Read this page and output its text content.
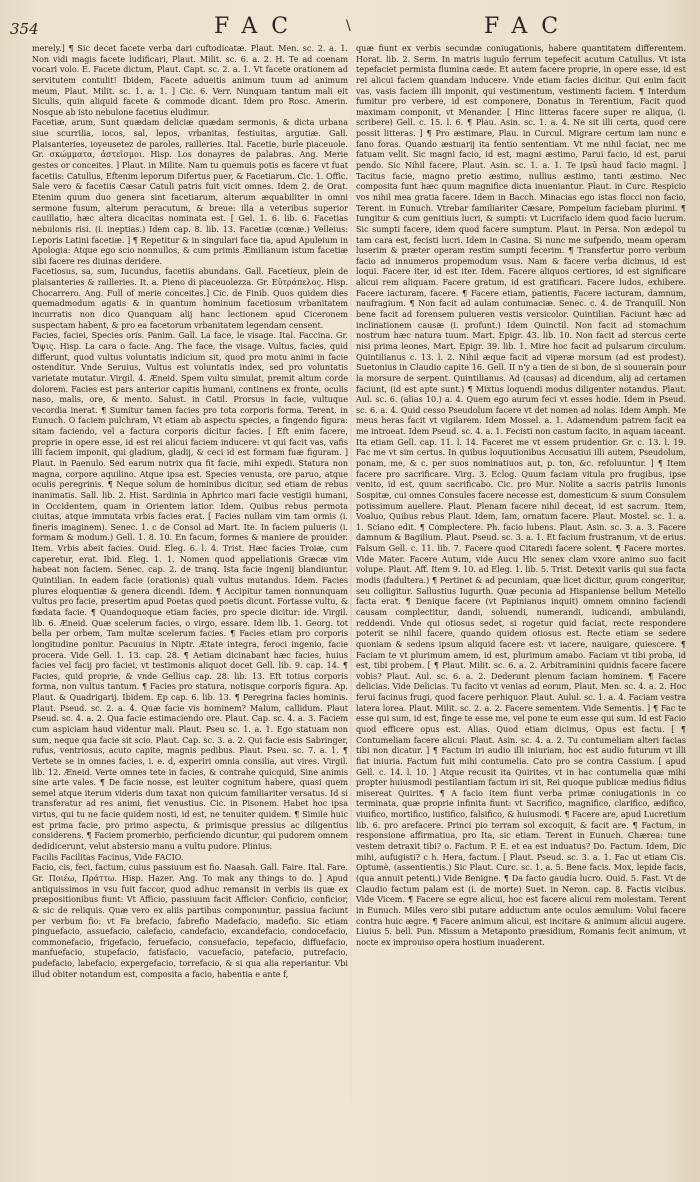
354	FAC	\	FAC

merely.] ¶ Sic decet facete verba dari cuftodicatæ. Plaut. Men. sc. 2. a. 1. Non vidi magis facete ludificari, Plaut. Milit. sc. 6. a. 2. H. Te ad coenam vocari volo. E. Facete dictum, Plaut. Capt. sc. 2. a. 1. Vt facete orationem ad servitutem contulit! Ibidem, Facete adueitis animum tuum ad animum meum, Plaut. Milit. sc. 1. a. 1. ] Cic. 6. Verr. Nunquam tantum mali eit Siculis, quin aliquid facete & commode dicant. Idem pro Rosc. Amerin. Nosque ab isto nebulone facetius eludimur.

Facetiæ, arum, Sunt quædam deliciæ quædam sermonis, & dicta urbana siue scurrilia, iocos, sal, lepos, vrbanitas, festiuitas, argutiæ. Gall. Plaisanteries, ioyeusetez de paroles, railleries. Ital. Facetie, burle piaceuole. Gr. σκώμματα, ἀστεῖσμοι. Hisp. Los donayres de palabras. Ang. Merie gestes or conceites. ] Plaut. in Milite. Nam tu quemuis potis es facere vt fuat facetiis: Catullus, Eftenim leporum Difertus puer, & Facetiarum. Cic. 1. Offic. Sale vero & facetiis Cæsar Catuli patris fuit vicit omnes. Idem 2. de Orat. Etenim quum duo genera sint facetiarum, alterum æquabiliter in omni sermone fusum, alterum peracutum, & breue: illa a veteribus superior cauillatio, hæc altera dicacitas nominata est. [ Gel. 1. 6. lib. 6. Facetias nebulonis risi. (i. ineptias.) Idem cap. 8. lib. 13. Facetiæ (cœnæ.) Velleius: Leporis Latini facetiæ. ] ¶ Repetitur & in singulari face tia, apud Apuleium in Apologia: Atque ego scio nonnullos, & cum primis Æmilianum istum facetiæ sibi facere res diuinas deridere.

Facetiosus, sa, sum, Iucundus, facetiis abundans. Gall. Facetieux, plein de plaisanteries & railleries. It. a. Pieno di piaceuolezza. Gr. Εὐτράπελος. Hisp. Chocarrero. Ang. Full of merie conceites.] Cic. de Finib. Quos quidem dies quemadmodum agatis & in quantum hominum facetiosum vrbanitatem incurratis non dico Quanquam alij hanc lectionem apud Ciceronem suspectam habent, & pro ea facetorum vrbanitatem legendam censent.

Facies, faciei, Species oris. Panim. Gall. La face, le visage. Ital. Faccina. Gr. Ὄψις. Hisp. La cara o facie. Ang. The face, the visage. Vultus, facies, quid differunt, quod vultus voluntatis indicium sit, quod pro motu animi in facie ostenditur. Vnde Seruius, Vultus est voluntatis index, sed pro voluntatis varietate mutatur. Virgil. 4. Æneid. Spem vultu simulat, premit altum corde dolorem. Facies est pars anterior capitis humani, continens ex fronte, oculis naso, malis, ore, & mento. Salust. in Catil. Prorsus in facie, vultuque vecordia inerat. ¶ Sumitur tamen facies pro tota corporis forma. Terent. in Eunuch. O faciem pulchram, Vt etiam ab aspectu species, a fingendo figura: sitam faciendo, vel a factura corporis dicitur facies. [ Eft enim facere, proprie in opere esse, id est rei alicui faciem inducere: vt qui facit vas, vafis illi faciem imponit, qui gladium, gladij, & ceci id est formam fuæ figuram. ] Plaut. in Paenulo. Sed earum nutrix qua fit facie, mihi expedi. Statura non magna, corpore aquilino. Atque ipsa est. Species venusta, ore paruo, atque oculis peregrinis. ¶ Neque solum de hominibus dicitur, sed etiam de rebus inanimatis. Sall. lib. 2. Hist. Sardinia in Aphrico mari facie vestigii humani, in Occidentem, quam in Orientem latior. Idem. Quibus rebus permota ciuitas, atque immutata vrbis facies erat. [ Facies nullam vim tam ormis (i. fineris imaginem). Senec. 1. c de Consol ad Mart. Ite. In faciem pulueris (i. formam & modum.) Gell. 1. 8. 10. En facum, formes & maniere de prouider. Item. Vrbis abeit facies. Ouid. Eleg. 6. l. 4. Trist. Hæc facies Troiæ, cum caperetur, erat. Ibid. Eleg. 1. 1. Nomen quod appellationis Græcæ vim habeat non faciem. Senec. cap. 2. de tranq. Ista facie ingenij blandiuntur. Quintilian. In eadem facie (orationis) quali vultus mutandus. Idem. Facies plures eloquentiæ & genera dicendi. Idem. ¶ Accipitur tamen nonnunquam vultus pro facie, presertim apud Poetas quod poetis dicunt. Fortasse vultu, & fœdata facie. ¶ Quandoquoque etiam facies, pro specie dicitur: ide. Virgil. lib. 6. Æneid. Quæ scelerum facies, o virgo, essare. Idem lib. 1. Georg. tot bella per orbem, Tam multæ scelerum facies. ¶ Facies etiam pro corporis longitudine ponitur. Pacuuius in Niptr. Ætate integra, feroci ingenio, facie procera. Vide Gell. 1. 13. cap. 28. ¶ Aetiam dicinabant hæc facies, huius facies vel facij pro faciei, vt testimonis aliquot docet Gell. lib. 9. cap. 14. ¶ Facies, quid proprie, & vnde Gellius cap. 28. lib. 13. Eft totius corporis forma, non vultus tantum. ¶ Facies pro statura, notisque corporis figura. Ap. Plaut. & Quadrigarij. Ibidem. Ep cap. 6. lib. 13. ¶ Peregrina facies hominis. Plaut. Pseud. sc. 2. a. 4. Quæ facie vis hominem? Malum, callidum. Plaut Pseud. sc. 4. a. 2. Qua facie estimaciendo ore. Plaut. Cap. sc. 4. a. 3. Faciem cum aspiciam haud videntur mali. Plaut. Pseu sc. 1. a. 1. Ego statuam non sum, neque qua facie sit scio. Plaut. Cap. sc. 3. a. 2. Qui facie esis Sabringer, rufus, ventriosus, acuto capite, magnis pedibus. Plaut. Pseu. sc. 7. a. 1. ¶ Vertete se in omnes facies, i. e. d, experiri omnia consilia, aut vires. Virgil. lib. 12. Æneid. Verte omnes tete in facies, & contrahe quicquid, Sine animis sine arte vales. ¶ De facie nosse, est leuiter cognitum habere, quasi quem semel atque iterum videris dum taxat non quicum familiariter versatus. Id si transferatur ad res animi, fiet venustius. Cic. in Pisonem. Habet hoc ipsa virtus, qui tu ne facie quidem nosti, id est, ne tenuiter quidem. ¶ Simile huic est prima facie, pro primo aspectu, & primisque pressius ac diligentius considerens. ¶ Faciem promerbio, perficiendo dicuntur, qui pudorem omnem dedidicerunt, velut abstersio manu a vultu pudore. Plinius.

Facilis Facilitas Facinus, Vide FACIO.

Facio, cis, feci, factum, cuius passiuum est fio. Naasah. Gall. Faire. Ital. Fare. Gr. Ποιέω, Πράττω. Hisp. Hazer. Ang. To mak any things to do. ] Apud antiquissimos in vsu fuit faccor, quod adhuc remansit in verbis iis quæ ex præpositionibus fiunt: Vt Afficio, passiuum facit Afficior: Conficio, conficior, & sic de reliquis. Quæ vero ex aliis partibus componuntur, passiua faciunt per verbum fio: vt Fa brefacio, fabrefio Madefacio, madefio. Sic etiam pinguefacio, assuefacio, calefacio, candefacio, excandefacio, condocefacio, commonefacio, frigefacio, feruefacio, consuefacio, tepefacio, diffuefacio, manfuefacio, stupefacio, fatisfacio, vacuefacio, patefacio, putrefacio, pudefacio, labefacio, expergefacio, torrefacio, & si qua alia reperiantur. Vbi illud obiter notandum est, composita a facio, habentia e ante f,

quæ fiunt ex verbis secundæ coniugationis, habere quantitatem differentem. Horat. lib. 2. Serm. In matris iugulo ferrum tepefecit acutum Catullus. Vt ista tepefaciet permista flumina cæde. Et autem facere proprie, in opere esse, id est rei alicui faciem quandam inducere. Vnde etiam facies dicitur. Qui enim facit vas, vasis faciem illi imponit, qui vestimentum, vestimenti faciem. ¶ Interdum fumitur pro verbere, id est componere, Donatus in Terentium, Facit quod maximam componit, vt Menander. [ Hinc litteras facere super re aliqua, (i. scribere) Gell. c. 15. l. 6. ¶ Plau. Asin. sc. 1. a. 4. Ne sit illi certa, quod cere possit litteras. ] ¶ Pro æstimare, Plau. in Curcul. Migrare certum iam nunc e fano foras. Quando æstuarij ita fentio sententiam. Vt me nihil faciat, nec me fatuam velit. Sic magni facio, id est, magni æstimo, Parui facio, id est, parui pendo. Sic Nihil facere, Plaut. Asin. sc. 1. a. 1. Te ipsū haud facio magni. ] Tacitus facie, magno pretio æstimo, nullius æstimo, tanti æstimo. Nec composita funt hæc quum magnifice dicta inueniantur. Plaut. in Curc. Respicio vos nihil mea gratia facere. Idem in Bacch. Minacias ego istas flocci non facio, Terent. in Eunuch. Vtrebar familiariter Cæsare, Pompeium faciebam plurimi. ¶ Iungitur & cum genitiuis lucri, & sumpti: vt Lucrifacio idem quod facio lucrum. Sic sumpti facere, idem quod facere sumptum. Plaut. in Persa. Non ædepol tu tam cara est, fecisti lucri. Idem in Casina. Si nunc me sufpendo, meam operam luserim & præter operam restim sumpti fecerim. ¶ Transfertur porro verbum facio ad innumeros propemodum vsus. Nam & facere verba dicimus, id est loqui. Facere iter, id est iter. Idem. Facere aliquos certiores, id est significare alicui rem aliquam. Facere gratum, id est gratificari. Facere ludos, exhibere. Facere iacturam, facere. ¶ Facere etiam, patientis, Facere iacturam, damnum, naufragium. ¶ Non facit ad aulam contumaciæ. Senec. c. 4. de Tranquill. Non bene facit ad forensem pulueren vestis versicolor. Quintilian. Faciunt hæc ad inclinationem causæ (i. profunt.) Idem Quinctil. Non facit ad stomachum nostrum hæc natura tuum. Mart. Epigr. 43. lib. 10. Non facit ad stercus certe nisi prima leones, Mart. Epigr. 39. lib. 1. Mire hoc facit ad pulsarum circulum. Quintilianus c. 13. l. 2. Nihil æque facit ad viperæ morsum (ad est prodest). Suetonius in Claudio capite 16. Gell. II n'y a tien de si bon, de si souuerain pour la morsure de serpent. Quintilianus. Ad (causas) ad dicendum, alij ad certamen faciunt, (id est apte sunt.) ¶ Mixtus loquendi modus diligenter notandus. Plaut. Aul. sc. 6. (alias 10.) a. 4. Quem ego aurum feci vt esses hodie. Idem in Pseud. sc. 6. a. 4. Quid cesso Pseudolum facere vt det nomen ad nolas. Idem Amph. Me meus heras facit vt vigilarem. Idem Mossel. a. 1. Adamendum patrem facit ea me introeat. Idem Pseud. sc. 4. a. 1. Fecisti non castum facito, in aquam iaceant. Ita etiam Gell. cap. 11. l. 14. Faceret me vt essem prudentior. Gr. c. 13. l. 19. Fac me vt sim certus. In quibus loquutionibus Accusatiui illi autem, Pseudolum, ponam, me, & c. per suos nominatiuos aut, p. ton, &c. refoluuntur. ] ¶ Item facere pro sacrificare. Virg. 3. Eclog. Quum faciam vitula pro frugibus, ipse venito, id est, quum sacrificabo. Cic. pro Mur. Nolite a sacris patriis Iunonis Sospitæ, cui omnes Consules facere necesse est, domesticum & suum Consulem potissimum auellere. Plaut. Plenam facere nihil deceat, id est sacrum. Item, Voaluo, Quibus rebus Plaut. Idem, Iam, ornatum facere. Plaut. Mostel. sc. 1. a. 1. Sciano edit. ¶ Complectere. Ph. facio lubens. Plaut. Asin. sc. 3. a. 3. Facere damnum & Bagilium. Plaut. Pseud. sc. 3. a. 1. Et facium frustranum, vt de erius. Falsum Gell. c. 11. lib. 7. Facere quod Citaredi facere solent. ¶ Facere mortes. Vide Mater. Facere Autum, vide Aucu Hic senex clam vxore animo suo facit volupe. Plaut. Aff. Item 9. 10. ad Eleg. 1. lib. 5. Trist. Detexit variis qui sua facta modis (fadultera.) ¶ Pertinet & ad pecuniam, quæ licet dicitur, quum congeritur, seu colligitur. Sallustius Iugurth. Quæ pecunia ad Hispaniense bellum Metello facta erat. ¶ Denique facere (vt Papinianus inquit) omnem omnino faciendi causam complectitur, dandi, soluendi, numerandi, iudicandi, ambulandi, reddendi. Vnde qui otiosus sedet, si rogetur quid faciat, recte respondere poterit se nihil facere, quando quidem otiosus est. Recte etiam se sedere quoniam & sedens ipsum aliquid facere est: vt iacere, nauigare, quiescere. ¶ Faciam te vt plurimum amem, id est, plurimum amabo. Faciam vt tibi proba, id est, tibi probem. [ ¶ Plaut. Milit. sc. 6. a. 2. Arbitraminini quidnis facere facere vobis? Plaut. Aul. sc. 6. a. 2. Dederunt plenum faciam hominem. ¶ Facere delicias. Vide Delicias. Tu facito vt venias ad eorum, Plaut. Men. sc. 4. a. 2. Hoc ferui facinus frugi, quod facere perhiquor. Plaut. Aulul. sc. 1. a. 4. Faciam vestra latera lorea. Plaut. Milit. sc. 2. a. 2. Facere sementem. Vide Sementis. ] ¶ Fac te esse qui sum, id est, finge te esse me, vel pone te eum esse qui sum. Id est Facio quod efficere opus est. Alias. Quod etiam dicimus, Opus est factu. [ ¶ Contumeliam facere alicui: Plaut. Asin. sc. 4. a. 2. Tu contumeliam alteri facias tibi non dicatur. ] ¶ Factum iri audio illi iniuriam, hoc est audio futurum vt illi fiat iniuria. Factum fuit mihi contumelia. Cato pro se contra Cassium. [ apud Gell. c. 14. l. 10. ] Atque recusit ita Quirites, vt in hac contumelia quæ mihi propter huiusmodi pestilantiam factum iri sit, Rei quoque publicæ medius fidius misereat Quirites. ¶ A facio item fiunt verba primæ coniugationis in co terminata, quæ proprie infinita fiunt: vt Sacrifico, magnifico, clarifico, ædifico, viuifico, mortifico, iustifico, falsifico, & huiusmodi. ¶ Facere are, apud Lucretium lib. 6. pro arefacere. Princi pio terram sol excoquit, & facit are. ¶ Factum, in responsione affirmatiua, pro Ita, sic etiam. Terent in Eunuch. Chærea: tune vestem detraxit tibi? o. Factum. P. E. et ea est induatus? Do. Factum. Idem, Dic mihi, aufugisti? c h. Hera, factum. [ Plaut. Pseud. sc. 3. a. 1. Fac ut etiam Cis. Optumè, (assentientis.) Sic Plaut. Curc. sc. 1. a. 5. Bene facis. Mox, lepide facis, (qua annuit petenti.) Vide Benigne. ¶ Da facto gaudia lucro. Ouid. 5. Fast. Vt de Claudio factum palam est (i. de morte) Suet. in Neron. cap. 8. Factis vicibus. Vide Vicem. ¶ Facere se egre alicui, hoc est facere alicui rem molestam. Terent in Eunuch. Miles vero sibi putare adductum ante oculos æmulum: Volui facere contra huic ægre. ¶ Facere animum alicui, est incitare & animum alicui augere. Liuius 5. bell. Pun. Missum a Metaponto præsidium, Romanis fecit animum, vt nocte ex improuiso opera hostium inuaderent.
